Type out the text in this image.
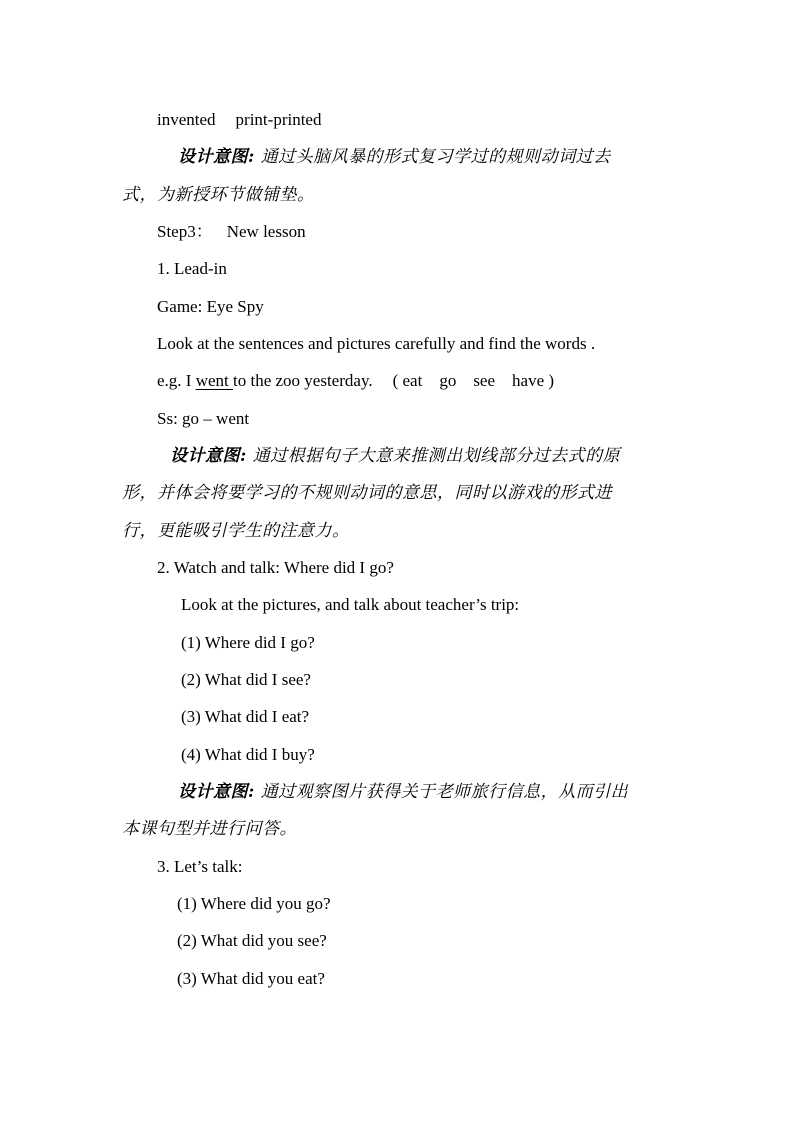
invented print-printed
设计意图: 通过头脑风暴的形式复习学过的规则动词过去
式，为新授环节做铺垫。
Step3： New lesson
1. Lead-in
Game: Eye Spy
Look at the sentences and pictures carefully and find the words .
e.g. I went to the zoo yesterday. ( eat    go    see    have )
Ss: go – went
设计意图: 通过根据句子大意来推测出划线部分过去式的原
形，并体会将要学习的不规则动词的意思，同时以游戏的形式进
行，更能吸引学生的注意力。
2. Watch and talk: Where did I go?
Look at the pictures, and talk about teacher’s trip:
(1) Where did I go?
(2) What did I see?
(3) What did I eat?
(4) What did I buy?
设计意图: 通过观察图片获得关于老师旅行信息，从而引出
本课句型并进行问答。
3. Let’s talk:
(1) Where did you go?
(2) What did you see?
(3) What did you eat?
